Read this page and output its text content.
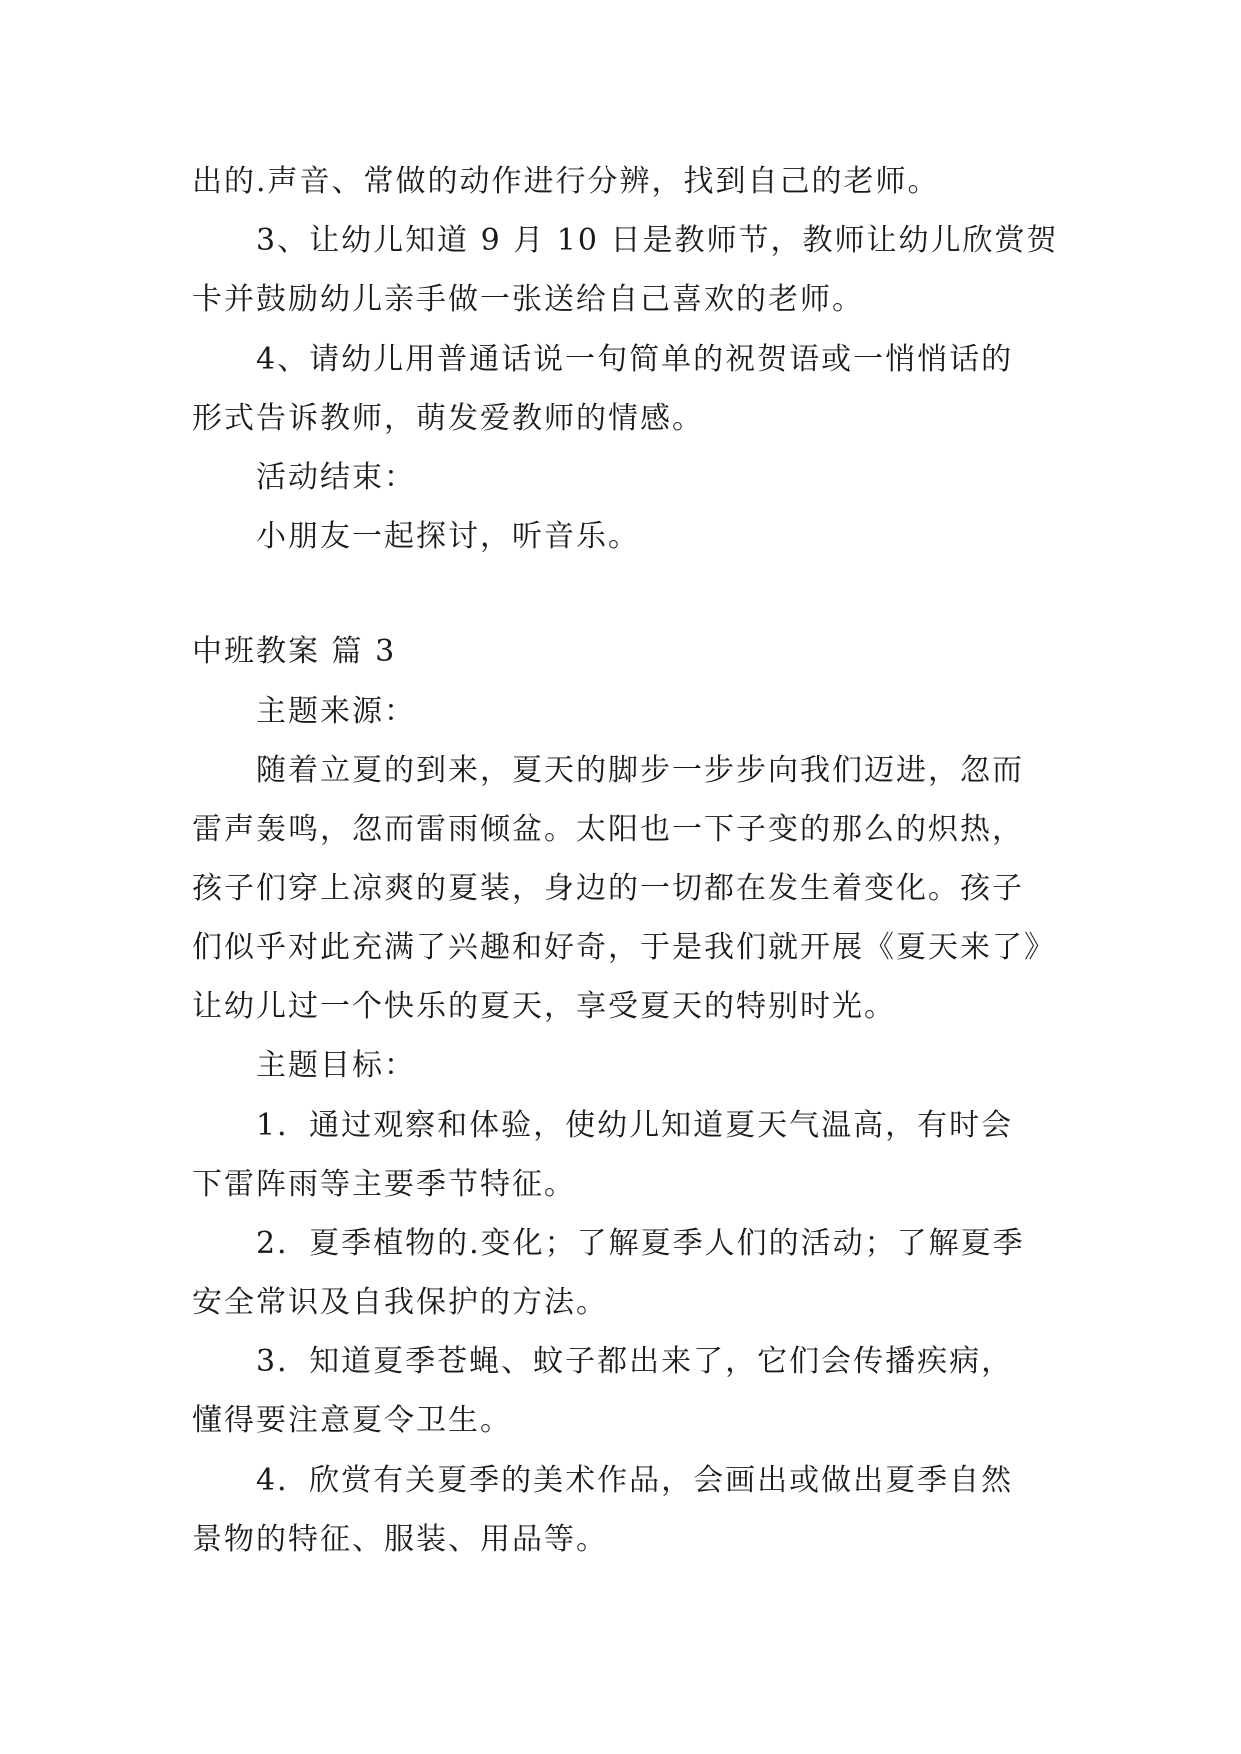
出的.声音、常做的动作进行分辨，找到自己的老师。
3、让幼儿知道 9 月 10 日是教师节，教师让幼儿欣赏贺
卡并鼓励幼儿亲手做一张送给自己喜欢的老师。
4、请幼儿用普通话说一句简单的祝贺语或一悄悄话的
形式告诉教师，萌发爱教师的情感。
活动结束：
小朋友一起探讨，听音乐。
中班教案 篇 3
主题来源：
随着立夏的到来，夏天的脚步一步步向我们迈进，忽而
雷声轰鸣，忽而雷雨倾盆。太阳也一下子变的那么的炽热，
孩子们穿上凉爽的夏装，身边的一切都在发生着变化。孩子
们似乎对此充满了兴趣和好奇，于是我们就开展《夏天来了》
让幼儿过一个快乐的夏天，享受夏天的特别时光。
主题目标：
1．通过观察和体验，使幼儿知道夏天气温高，有时会
下雷阵雨等主要季节特征。
2．夏季植物的.变化；了解夏季人们的活动；了解夏季
安全常识及自我保护的方法。
3．知道夏季苍蝇、蚊子都出来了，它们会传播疾病，
懂得要注意夏令卫生。
4．欣赏有关夏季的美术作品，会画出或做出夏季自然
景物的特征、服装、用品等。
